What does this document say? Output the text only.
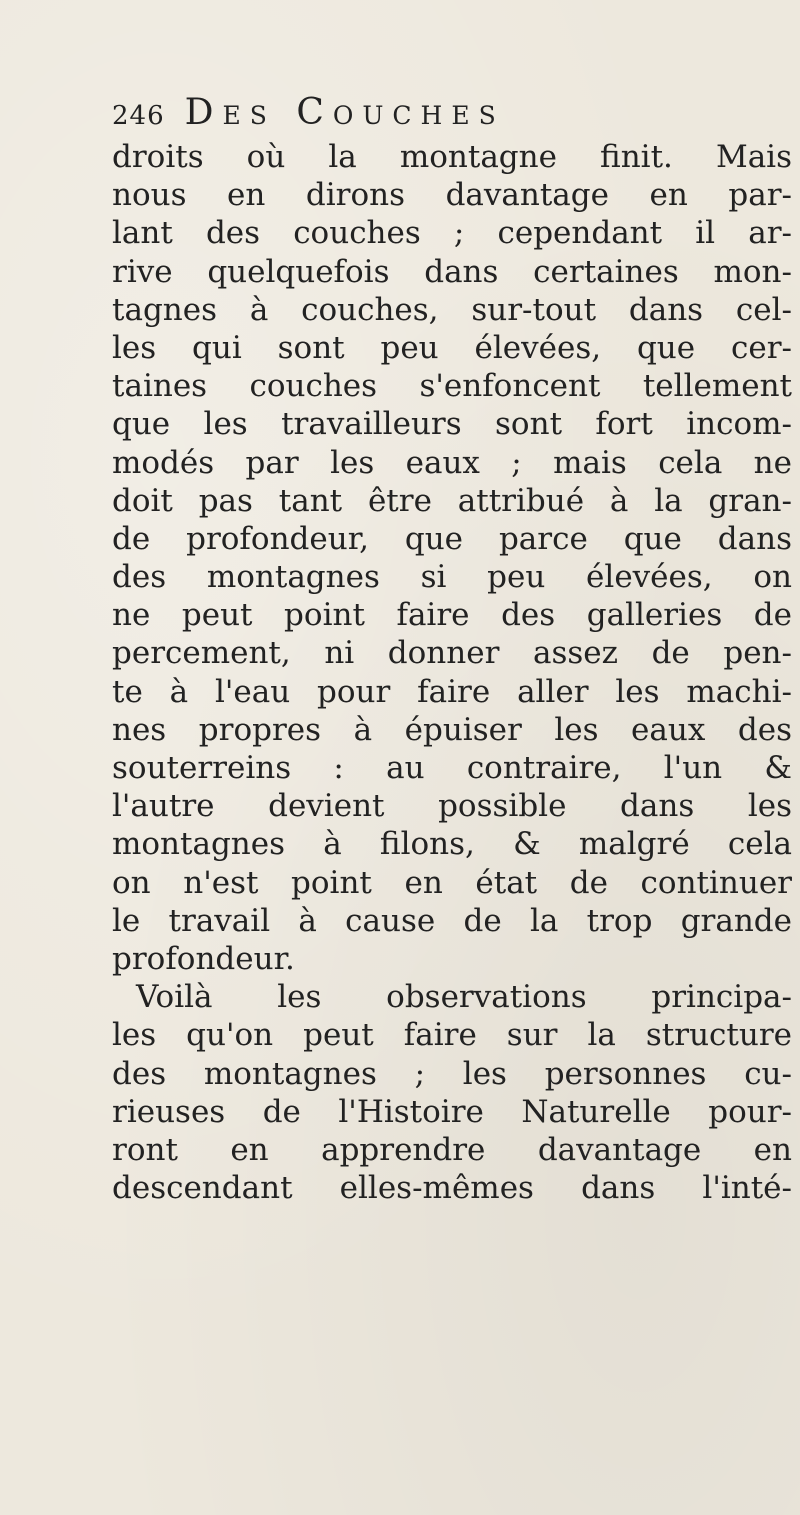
246 Des Couches
droits où la montagne finit. Mais
nous en dirons davantage en par-
lant des couches ; cependant il ar-
rive quelquefois dans certaines mon-
tagnes à couches, sur-tout dans cel-
les qui sont peu élevées, que cer-
taines couches s'enfoncent tellement
que les travailleurs sont fort incom-
modés par les eaux ; mais cela ne
doit pas tant être attribué à la gran-
de profondeur, que parce que dans
des montagnes si peu élevées, on
ne peut point faire des galleries de
percement, ni donner assez de pen-
te à l'eau pour faire aller les machi-
nes propres à épuiser les eaux des
souterreins : au contraire, l'un &
l'autre devient possible dans les
montagnes à filons, & malgré cela
on n'est point en état de continuer
le travail à cause de la trop grande
profondeur.
Voilà les observations principa-
les qu'on peut faire sur la structure
des montagnes ; les personnes cu-
rieuses de l'Histoire Naturelle pour-
ront en apprendre davantage en
descendant elles-mêmes dans l'inté-
